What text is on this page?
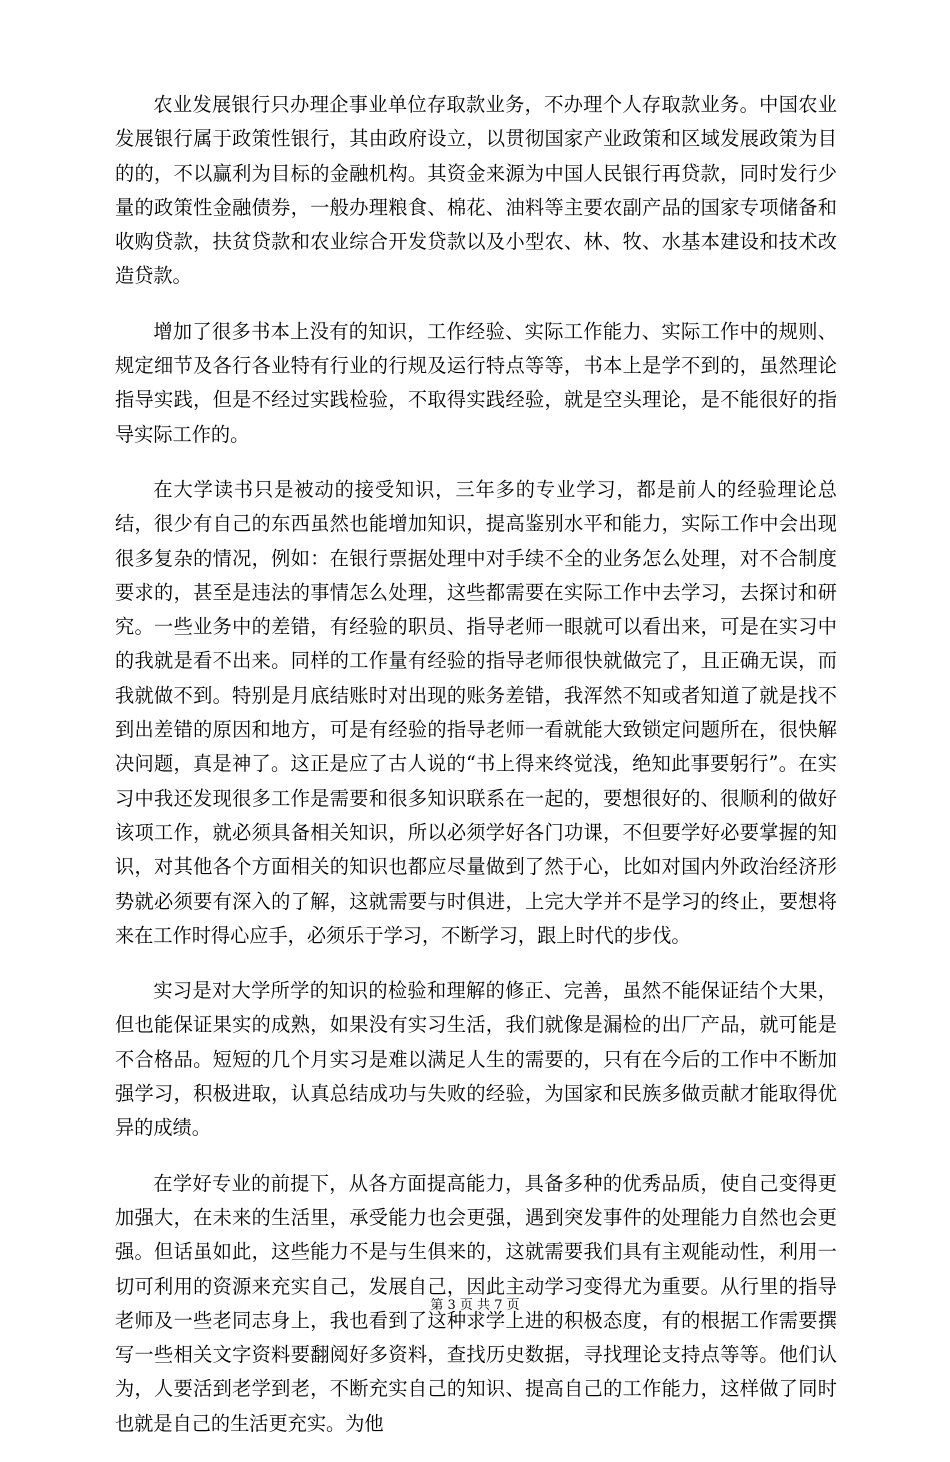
农业发展银行只办理企事业单位存取款业务，不办理个人存取款业务。中国农业发展银行属于政策性银行，其由政府设立，以贯彻国家产业政策和区域发展政策为目的的，不以赢利为目标的金融机构。其资金来源为中国人民银行再贷款，同时发行少量的政策性金融债券，一般办理粮食、棉花、油料等主要农副产品的国家专项储备和收购贷款，扶贫贷款和农业综合开发贷款以及小型农、林、牧、水基本建设和技术改造贷款。

增加了很多书本上没有的知识，工作经验、实际工作能力、实际工作中的规则、规定细节及各行各业特有行业的行规及运行特点等等，书本上是学不到的，虽然理论指导实践，但是不经过实践检验，不取得实践经验，就是空头理论，是不能很好的指导实际工作的。

在大学读书只是被动的接受知识，三年多的专业学习，都是前人的经验理论总结，很少有自己的东西虽然也能增加知识，提高鉴别水平和能力，实际工作中会出现很多复杂的情况，例如：在银行票据处理中对手续不全的业务怎么处理，对不合制度要求的，甚至是违法的事情怎么处理，这些都需要在实际工作中去学习，去探讨和研究。一些业务中的差错，有经验的职员、指导老师一眼就可以看出来，可是在实习中的我就是看不出来。同样的工作量有经验的指导老师很快就做完了，且正确无误，而我就做不到。特别是月底结账时对出现的账务差错，我浑然不知或者知道了就是找不到出差错的原因和地方，可是有经验的指导老师一看就能大致锁定问题所在，很快解决问题，真是神了。这正是应了古人说的“书上得来终觉浅，绝知此事要躬行”。在实习中我还发现很多工作是需要和很多知识联系在一起的，要想很好的、很顺利的做好该项工作，就必须具备相关知识，所以必须学好各门功课，不但要学好必要掌握的知识，对其他各个方面相关的知识也都应尽量做到了然于心，比如对国内外政治经济形势就必须要有深入的了解，这就需要与时俱进，上完大学并不是学习的终止，要想将来在工作时得心应手，必须乐于学习，不断学习，跟上时代的步伐。

实习是对大学所学的知识的检验和理解的修正、完善，虽然不能保证结个大果，但也能保证果实的成熟，如果没有实习生活，我们就像是漏检的出厂产品，就可能是不合格品。短短的几个月实习是难以满足人生的需要的，只有在今后的工作中不断加强学习，积极进取，认真总结成功与失败的经验，为国家和民族多做贡献才能取得优异的成绩。

在学好专业的前提下，从各方面提高能力，具备多种的优秀品质，使自己变得更加强大，在未来的生活里，承受能力也会更强，遇到突发事件的处理能力自然也会更强。但话虽如此，这些能力不是与生俱来的，这就需要我们具有主观能动性，利用一切可利用的资源来充实自己，发展自己，因此主动学习变得尤为重要。从行里的指导老师及一些老同志身上，我也看到了这种求学上进的积极态度，有的根据工作需要撰写一些相关文字资料要翻阅好多资料，查找历史数据，寻找理论支持点等等。他们认为，人要活到老学到老，不断充实自己的知识、提高自己的工作能力，这样做了同时也就是自己的生活更充实。为他

第 3 页 共 7 页
